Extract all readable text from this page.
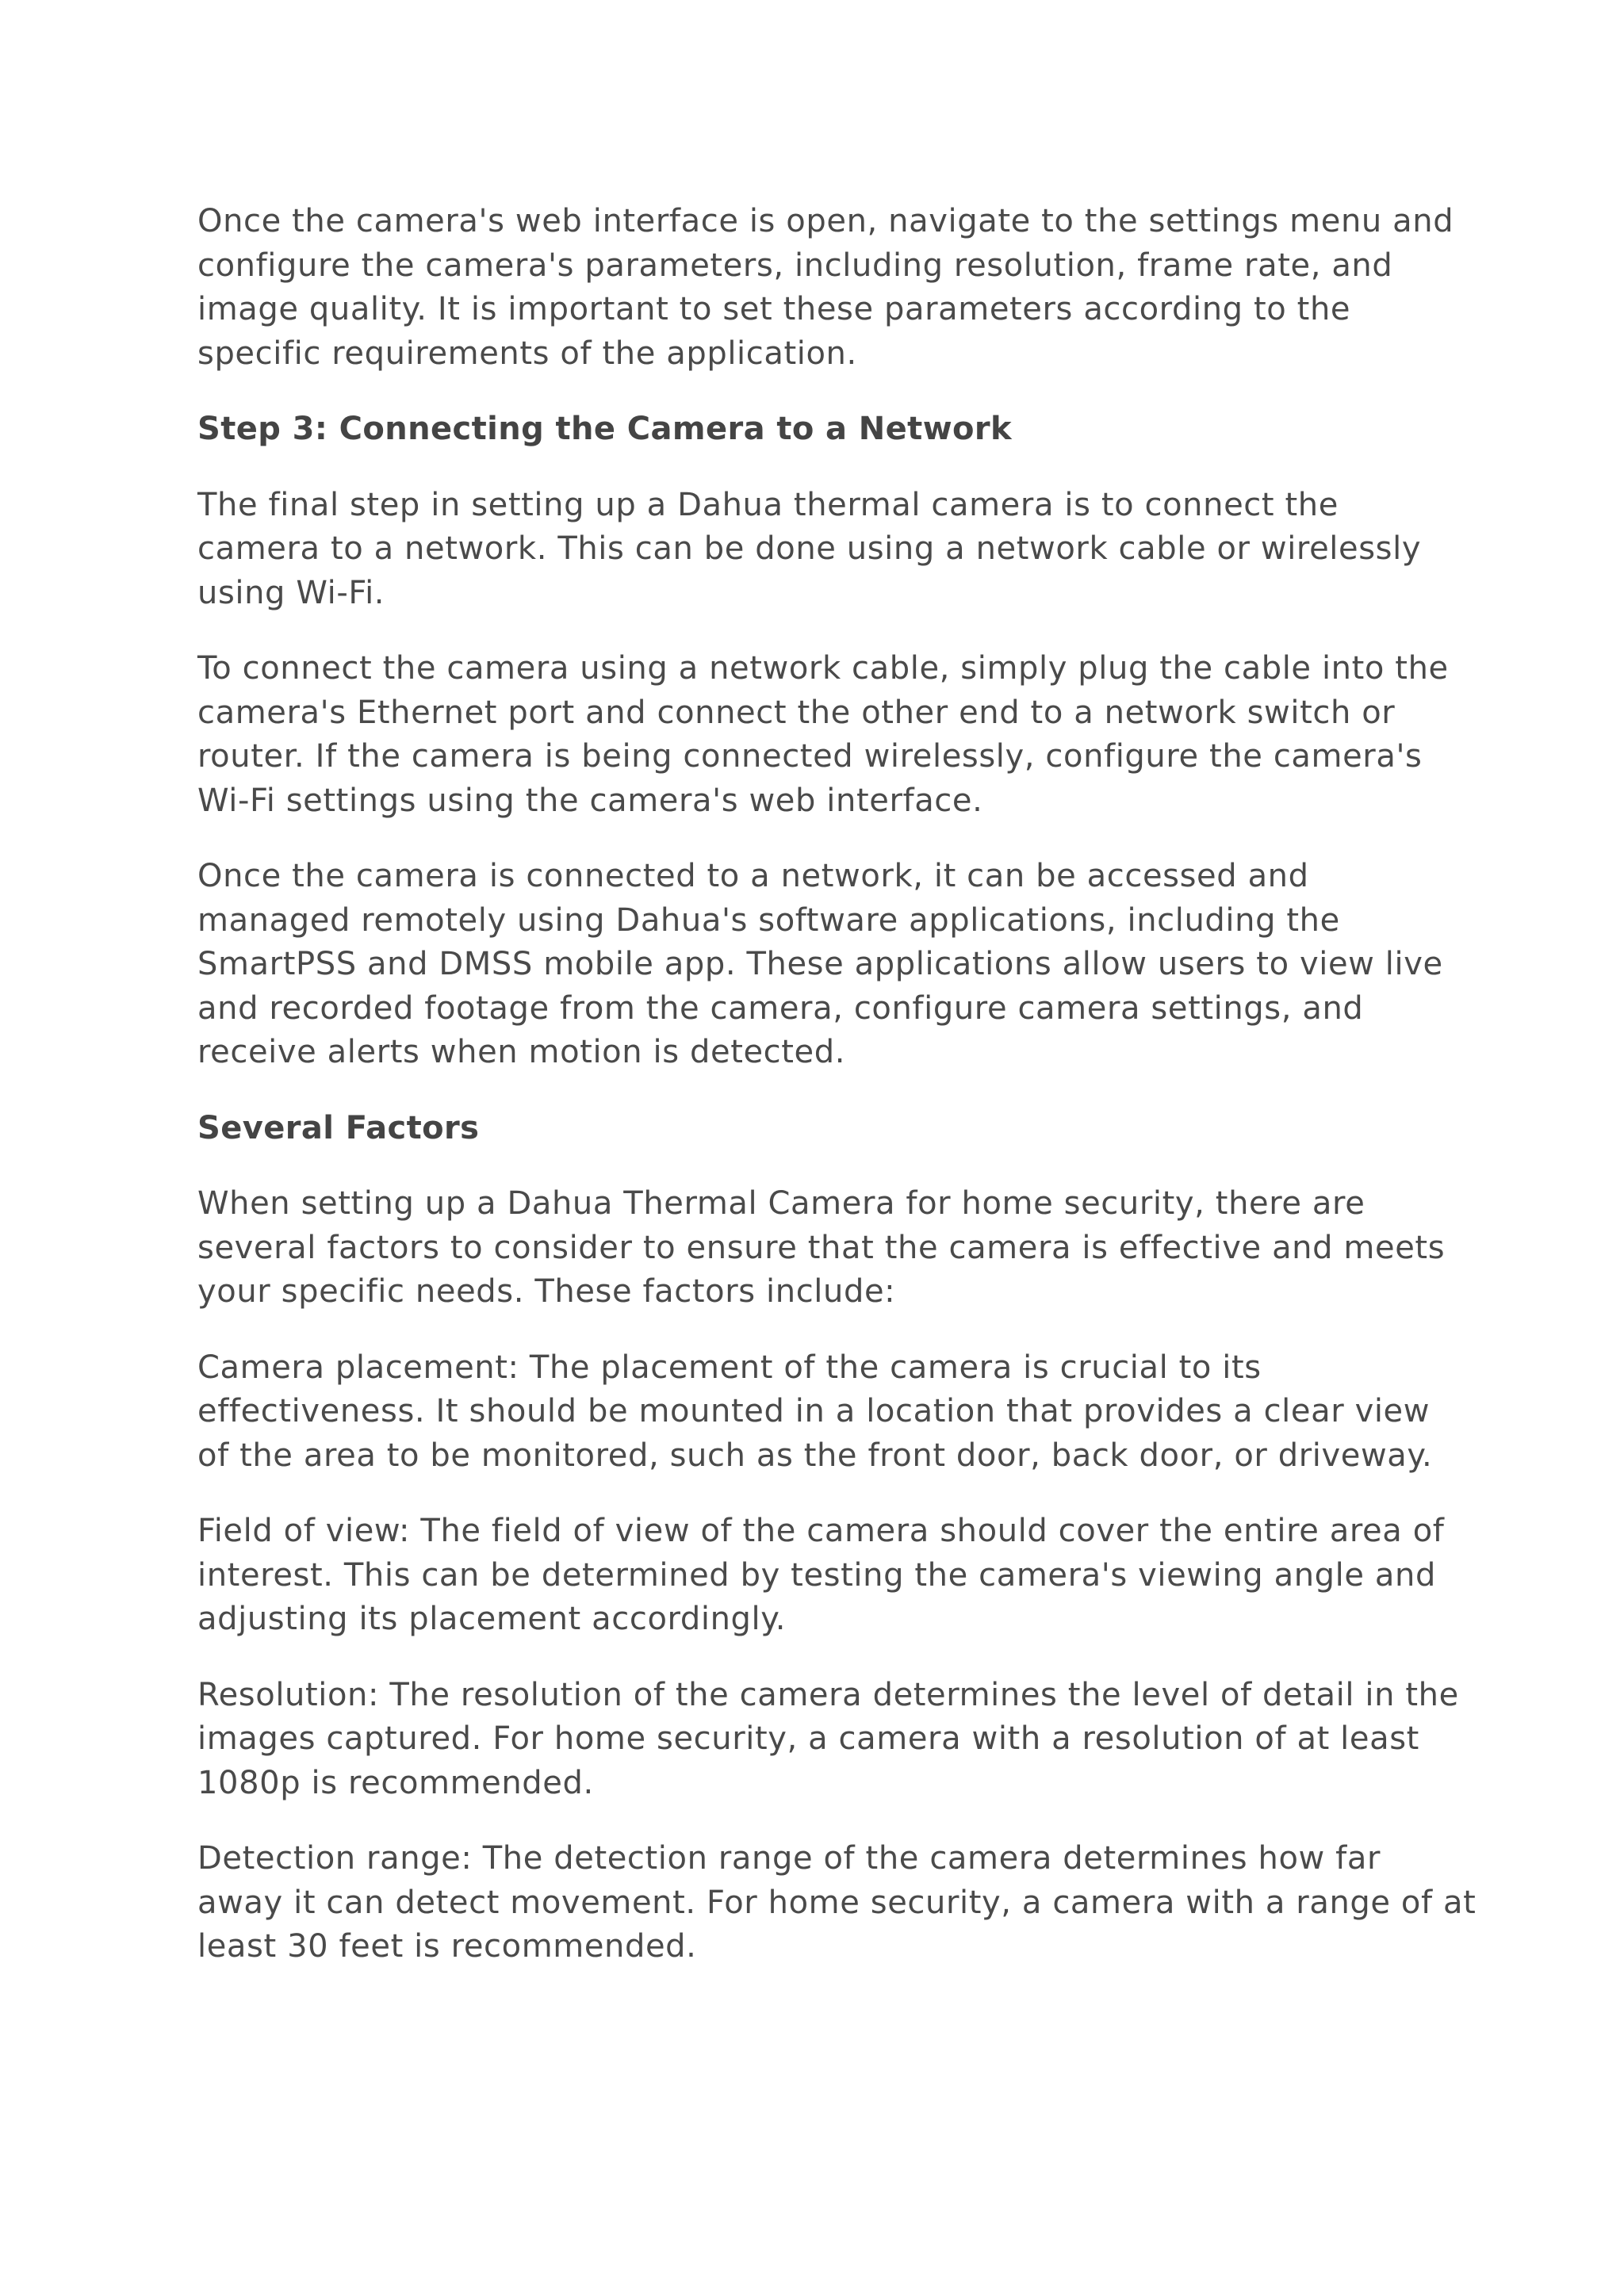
Once the camera's web interface is open, navigate to the settings menu and
configure the camera's parameters, including resolution, frame rate, and
image quality. It is important to set these parameters according to the
specific requirements of the application.
Step 3: Connecting the Camera to a Network
The final step in setting up a Dahua thermal camera is to connect the
camera to a network. This can be done using a network cable or wirelessly
using Wi-Fi.
To connect the camera using a network cable, simply plug the cable into the
camera's Ethernet port and connect the other end to a network switch or
router. If the camera is being connected wirelessly, configure the camera's
Wi-Fi settings using the camera's web interface.
Once the camera is connected to a network, it can be accessed and
managed remotely using Dahua's software applications, including the
SmartPSS and DMSS mobile app. These applications allow users to view live
and recorded footage from the camera, configure camera settings, and
receive alerts when motion is detected.
Several Factors
When setting up a Dahua Thermal Camera for home security, there are
several factors to consider to ensure that the camera is effective and meets
your specific needs. These factors include:
Camera placement: The placement of the camera is crucial to its
effectiveness. It should be mounted in a location that provides a clear view
of the area to be monitored, such as the front door, back door, or driveway.
Field of view: The field of view of the camera should cover the entire area of
interest. This can be determined by testing the camera's viewing angle and
adjusting its placement accordingly.
Resolution: The resolution of the camera determines the level of detail in the
images captured. For home security, a camera with a resolution of at least
1080p is recommended.
Detection range: The detection range of the camera determines how far
away it can detect movement. For home security, a camera with a range of at
least 30 feet is recommended.
